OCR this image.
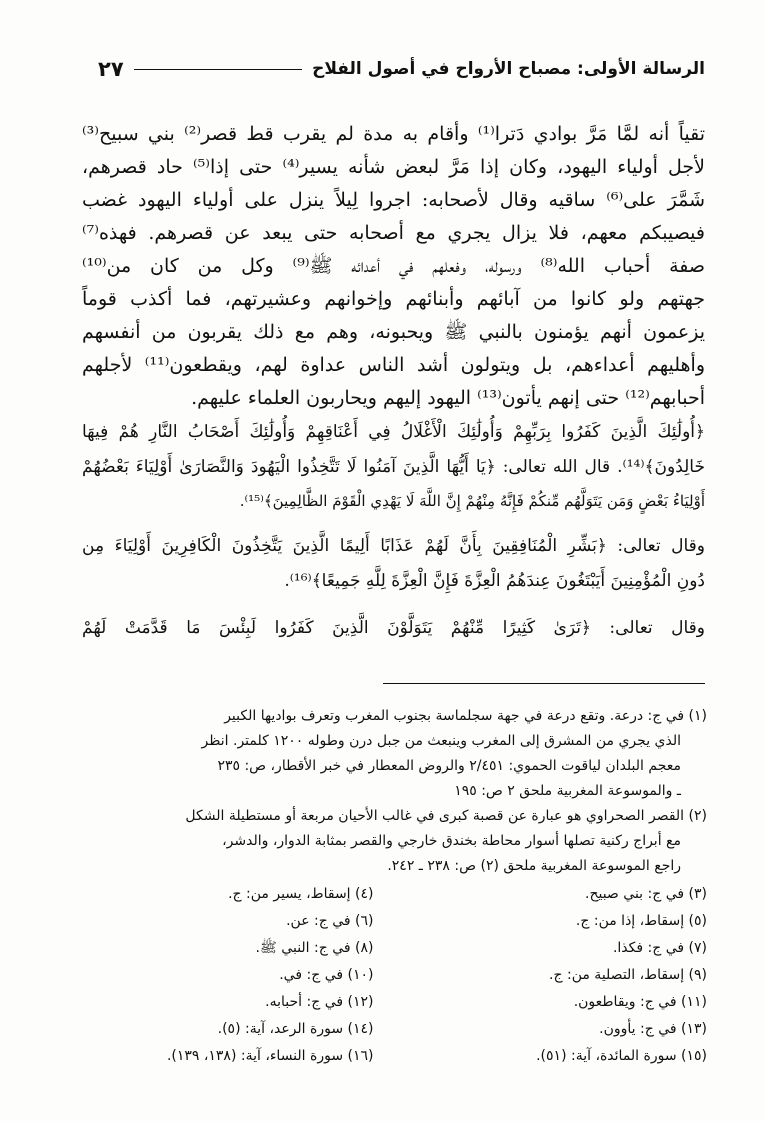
الرسالة الأولى: مصباح الأرواح في أصول الفلاح
٢٧
تقياً أنه لمَّا مَرَّ بوادي دَترا⁽¹⁾ وأقام به مدة لم يقرب قط قصر⁽²⁾ بني سبيح⁽³⁾
لأجل أولياء اليهود، وكان إذا مَرَّ لبعض شأنه يسير⁽⁴⁾ حتى إذا⁽⁵⁾ حاد قصرهم،
شَمَّرَ على⁽⁶⁾ ساقيه وقال لأصحابه: اجروا لِيلاً ينزل على أولياء اليهود غضب
فيصيبكم معهم، فلا يزال يجري مع أصحابه حتى يبعد عن قصرهم. فهذه⁽⁷⁾
صفة أحباب الله⁽⁸⁾ ورسوله، وفعلهم في أعدائه ﷺ⁽⁹⁾ وكل من كان من⁽¹⁰⁾
جهتهم ولو كانوا من آبائهم وأبنائهم وإخوانهم وعشيرتهم، فما أكذب قوماً
يزعمون أنهم يؤمنون بالنبي ﷺ ويحبونه، وهم مع ذلك يقربون من أنفسهم
وأهليهم أعداءهم، بل ويتولون أشد الناس عداوة لهم، ويقطعون⁽¹¹⁾ لأجلهم
أحبابهم⁽¹²⁾ حتى إنهم يأتون⁽¹³⁾ اليهود إليهم ويحاربون العلماء عليهم.
﴿أُولَٰئِكَ الَّذِينَ كَفَرُوا بِرَبِّهِمْ وَأُولَٰئِكَ الْأَغْلَالُ فِي أَعْنَاقِهِمْ وَأُولَٰئِكَ أَصْحَابُ النَّارِ هُمْ فِيهَا
خَالِدُونَ﴾⁽¹⁴⁾. قال الله تعالى: ﴿يَا أَيُّهَا الَّذِينَ آمَنُوا لَا تَتَّخِذُوا الْيَهُودَ وَالنَّصَارَىٰ أَوْلِيَاءَ بَعْضُهُمْ
أَوْلِيَاءُ بَعْضٍ وَمَن يَتَوَلَّهُم مِّنكُمْ فَإِنَّهُ مِنْهُمْ إِنَّ اللَّهَ لَا يَهْدِي الْقَوْمَ الظَّالِمِينَ﴾⁽¹⁵⁾.
وقال تعالى: ﴿بَشِّرِ الْمُنَافِقِينَ بِأَنَّ لَهُمْ عَذَابًا أَلِيمًا الَّذِينَ يَتَّخِذُونَ الْكَافِرِينَ أَوْلِيَاءَ مِن
دُونِ الْمُؤْمِنِينَ أَيَبْتَغُونَ عِندَهُمُ الْعِزَّةَ فَإِنَّ الْعِزَّةَ لِلَّهِ جَمِيعًا﴾⁽¹⁶⁾.
وقال تعالى: ﴿تَرَىٰ كَثِيرًا مِّنْهُمْ يَتَوَلَّوْنَ الَّذِينَ كَفَرُوا لَبِئْسَ مَا قَدَّمَتْ لَهُمْ
(١) في ج: درعة. وتقع درعة في جهة سجلماسة بجنوب المغرب وتعرف بواديها الكبير
الذي يجري من المشرق إلى المغرب وينبعث من جبل درن وطوله ١٢٠٠ كلمتر. انظر
معجم البلدان لياقوت الحموي: ٢/٤٥١ والروض المعطار في خبر الأقطار، ص: ٢٣٥
ـ والموسوعة المغربية ملحق ٢ ص: ١٩٥
(٢) القصر الصحراوي هو عبارة عن قصبة كبرى في غالب الأحيان مربعة أو مستطيلة الشكل
مع أبراج ركنية تصلها أسوار محاطة بخندق خارجي والقصر بمثابة الدوار، والدشر،
راجع الموسوعة المغربية ملحق (٢) ص: ٢٣٨ ـ ٢٤٢.
(٣) في ج: بني صبيح.
(٤) إسقاط، يسير من: ج.
(٥) إسقاط، إذا من: ج.
(٦) في ج: عن.
(٧) في ج: فكذا.
(٨) في ج: النبي ﷺ.
(٩) إسقاط، التصلية من: ج.
(١٠) في ج: في.
(١١) في ج: ويقاطعون.
(١٢) في ج: أحبابه.
(١٣) في ج: يأوون.
(١٤) سورة الرعد، آية: (٥).
(١٥) سورة المائدة، آية: (٥١).
(١٦) سورة النساء، آية: (١٣٨، ١٣٩).
